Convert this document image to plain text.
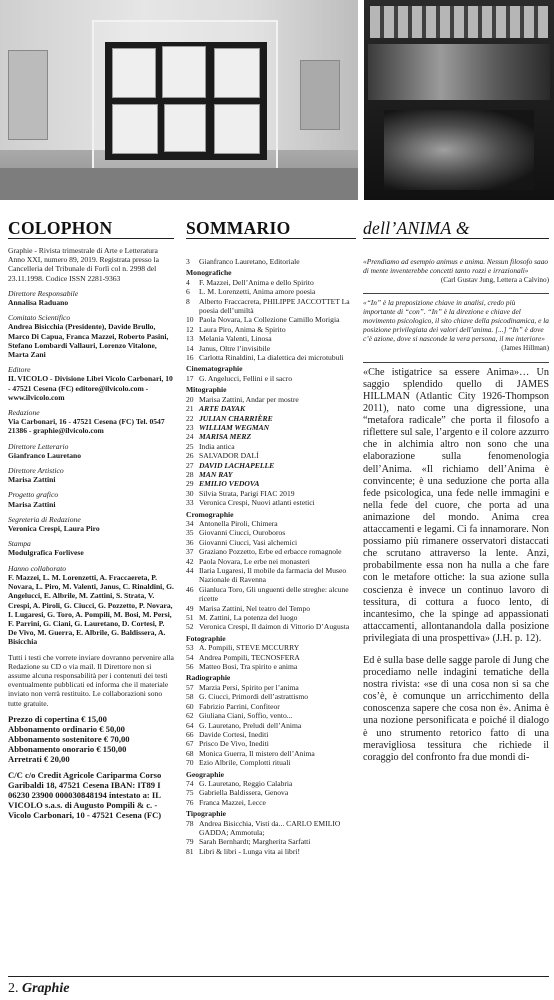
COLOPHON	SOMMARIO	dell’ANIMA &

Graphie - Rivista trimestrale di Arte e Letteratura Anno XXI, numero 89, 2019. Registrata presso la Cancelleria del Tribunale di Forlì col n. 2998 del 23.11.1998. Codice ISSN 2281-9363

Direttore Responsabile
Annalisa Raduano

Comitato Scientifico
Andrea Bisicchia (Presidente), Davide Brullo, Marco Di Capua, Franca Mazzei, Roberto Pasini, Stefano Lombardi Vallauri, Lorenzo Vitalone, Marta Zani

Editore
IL VICOLO - Divisione Libri Vicolo Carbonari, 10 - 47521 Cesena (FC) editore@ilvicolo.com - www.ilvicolo.com

Redazione
Via Carbonari, 16 - 47521 Cesena (FC) Tel. 0547 21386 - graphie@ilvicolo.com

Direttore Letterario
Gianfranco Lauretano

Direttore Artistico
Marisa Zattini

Progetto grafico
Marisa Zattini

Segreteria di Redazione
Veronica Crespi, Laura Piro

Stampa
Modulgrafica Forlivese

Hanno collaborato
F. Mazzei, L. M. Lorenzetti, A. Fraccaereta, P. Novara, L. Piro, M. Valenti, Janus, C. Rinaldini, G. Angelucci, E. Albrile, M. Zattini, S. Strata, V. Crespi, A. Piroli, G. Ciucci, G. Pozzetto, P. Novara, I. Lugaresi, G. Toro, A. Pompili, M. Bosi, M. Persi, F. Parrini, G. Ciani, G. Lauretano, D. Cortesi, P. De Vivo, M. Guerra, E. Albrile, G. Baldissera, A. Bisicchia

Tutti i testi che vorrete inviare dovranno pervenire alla Redazione su CD o via mail. Il Direttore non si assume alcuna responsabilità per i contenuti dei testi eventualmente pubblicati ed informa che il materiale inviato non verrà restituito. Le collaborazioni sono tutte gratuite.

Prezzo di copertina € 15,00
Abbonamento ordinario € 50,00
Abbonamento sostenitore € 70,00
Abbonamento onorario € 150,00
Arretrati € 20,00

C/C c/o Credit Agricole Cariparma Corso Garibaldi 18, 47521 Cesena IBAN: IT89 I 06230 23900 000030848194 intestato a: IL VICOLO s.a.s. di Augusto Pompili & c. - Vicolo Carbonari, 10 - 47521 Cesena (FC)

3	Gianfranco Lauretano, Editoriale
Monografiche
4	F. Mazzei, Dell’Anima e dello Spirito
6	L. M. Lorenzetti, Anima amore poesia
8	Alberto Fraccacreta, PHILIPPE JACCOTTET La poesia dell’umiltà
10 Paola Novara, La Collezione Camillo Morigia
12 Laura Piro, Anima & Spirito
13 Melania Valenti, Linosa
14 Janus, Oltre l’invisibile
16 Carlotta Rinaldini, La dialettica dei microtubuli
Cinematographie
17 G. Angelucci, Fellini e il sacro
Mitographie
20 Marisa Zattini, Andar per mostre
21 ARTE DAYAK
22 JULIAN CHARRIÈRE
23 WILLIAM WEGMAN
24 MARISA MERZ
25 India antica
26 SALVADOR DALÍ
27 DAVID LACHAPELLE
28 MAN RAY
29 EMILIO VEDOVA
30 Silvia Strata, Parigi FIAC 2019
33 Veronica Crespi, Nuovi atlanti estetici
Cromographie
34 Antonella Piroli, Chimera
35 Giovanni Ciucci, Ouroboros
36 Giovanni Ciucci, Vasi alchemici
37 Graziano Pozzetto, Erbe ed erbacce romagnole
42 Paola Novara, Le erbe nei monasteri
44 Ilaria Lugaresi, Il mobile da farmacia del Museo Nazionale di Ravenna
46 Gianluca Toro, Gli unguenti delle streghe: alcune ricette
49 Marisa Zattini, Nel teatro del Tempo
51 M. Zattini, La potenza del luogo
52 Veronica Crespi, Il daimon di Vittorio D’Augusta
Fotographie
53 A. Pompili, STEVE MCCURRY
54 Andrea Pompili, TECNOSFERA
56 Matteo Bosi, Tra spirito e anima
Radiographie
57 Marzia Persi, Spirito per l’anima
58 G. Ciucci, Primordi dell’astrattismo
60 Fabrizio Parrini, Confiteor
62 Giuliana Ciani, Soffio, vento...
64 G. Lauretano, Preludi dell’Anima
66 Davide Cortesi, Inediti
67 Prisco De Vivo, Inediti
68 Monica Guerra, Il mistero dell’Anima
70 Ezio Albrile, Complotti rituali
Geographie
74 G. Lauretano, Reggio Calabria
75 Gabriella Baldissera, Genova
76 Franca Mazzei, Lecce
Tipographie
78 Andrea Bisicchia, Visti da... CARLO EMILIO GADDA; Ammotula;
79 Sarah Bernhardt; Margherita Sarfatti
81 Libri & libri - Lunga vita ai libri!

«Prendiamo ad esempio animus e anima. Nessun filosofo saao di mente inventerebbe concetti tanto rozzi e irrazionali»

(Carl Gustav Jung, Lettera a Calvino)

«“In” è la preposizione chiave in analisi, credo più importante di “con”. “In” è la direzione e chiave del movimento psicologico, il sito chiave della psicodinamica, e la posizione privilegiata dei valori dell’anima. [...] “In” è dove c’è azione, dove si nasconde la vera persona, il me interiore»

(James Hillman)

«Che istigatrice sa essere Anima»… Un saggio splendido quello di JAMES HILLMAN (Atlantic City 1926-Thompson 2011), nato come una digressione, una “metafora radicale” che porta il filosofo a riflettere sul sale, l’argento e il colore azzurro che in alchimia altro non sono che una elaborazione sulla fenomenologia dell’Anima. «Il richiamo dell’Anima è convincente; è una seduzione che porta alla fede psicologica, una fede nelle immagini e nella fede del cuore, che porta ad una animazione del mondo. Anima crea attaccamenti e legami. Ci fa innamorare. Non possiamo più rimanere osservatori distaccati che scrutano attraverso la lente. Anzi, probabilmente essa non ha nulla a che fare con le metafore ottiche: la sua azione sulla coscienza è invece un continuo lavoro di tessitura, di cottura a fuoco lento, di incantesimo, che la spinge ad appassionati attaccamenti, allontanandola dalla posizione privilegiata di una prospettiva» (J.H. p. 12).

Ed è sulla base delle sagge parole di Jung che procediamo nelle indagini tematiche della nostra rivista: «se di una cosa non si sa che cos’è, è comunque un arricchimento della conoscenza sapere che cosa non è». Anima è una nozione personificata e poiché il dialogo è uno strumento retorico fatto di una meravigliosa tessitura che richiede il coraggio del confronto fra due mondi di-

2. Graphie
